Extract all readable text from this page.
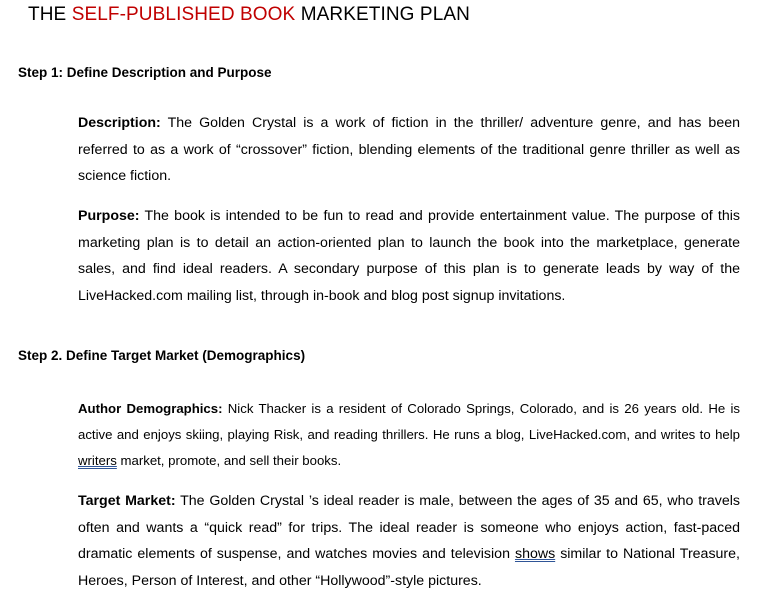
THE SELF-PUBLISHED BOOK MARKETING PLAN
Step 1: Define Description and Purpose

Description: The Golden Crystal is a work of fiction in the thriller/ adventure genre, and has been referred to as a work of “crossover” fiction, blending elements of the traditional genre thriller as well as science fiction.

Purpose: The book is intended to be fun to read and provide entertainment value. The purpose of this marketing plan is to detail an action-oriented plan to launch the book into the marketplace, generate sales, and find ideal readers. A secondary purpose of this plan is to generate leads by way of the LiveHacked.com mailing list, through in-book and blog post signup invitations.

Step 2. Define Target Market (Demographics)

Author Demographics: Nick Thacker is a resident of Colorado Springs, Colorado, and is 26 years old. He is active and enjoys skiing, playing Risk, and reading thrillers. He runs a blog, LiveHacked.com, and writes to help writers market, promote, and sell their books.

Target Market: The Golden Crystal ’s ideal reader is male, between the ages of 35 and 65, who travels often and wants a “quick read” for trips. The ideal reader is someone who enjoys action, fast-paced dramatic elements of suspense, and watches movies and television shows similar to National Treasure, Heroes, Person of Interest, and other “Hollywood”-style pictures.
